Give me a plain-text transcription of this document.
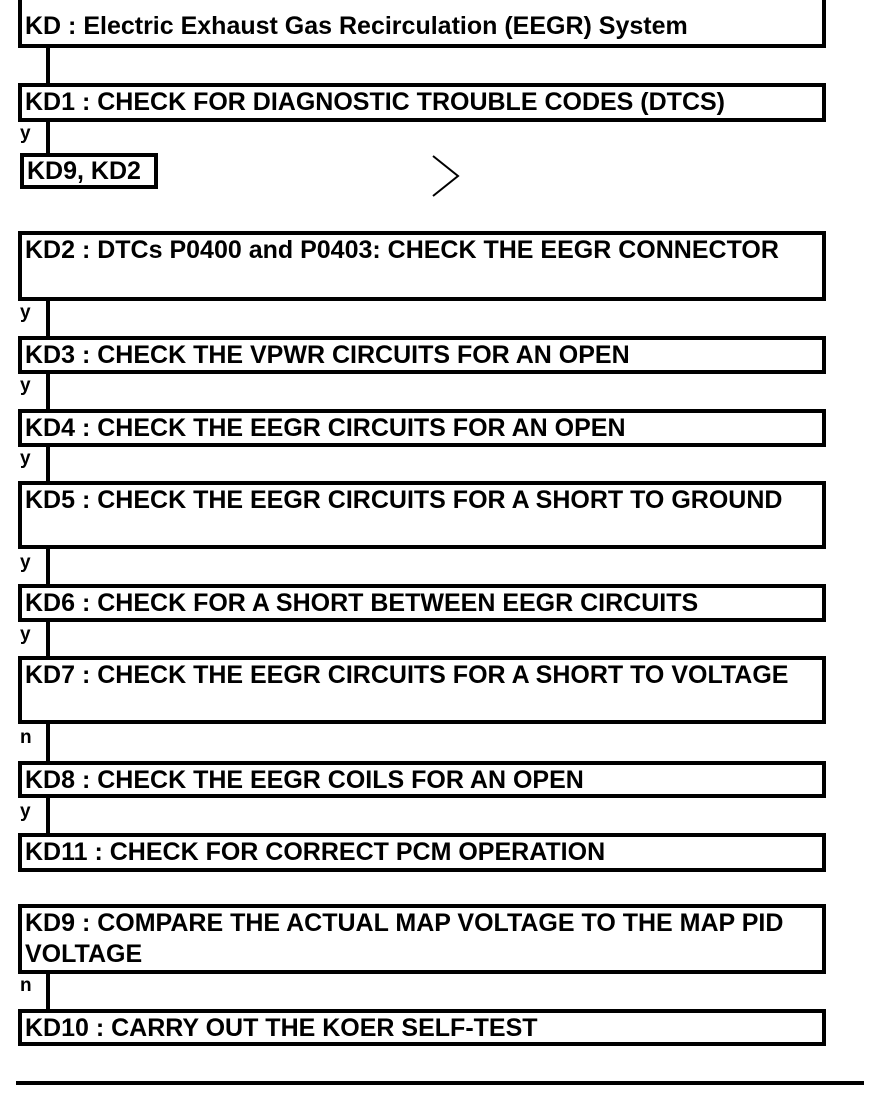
KD : Electric Exhaust Gas Recirculation (EEGR) System
KD1 : CHECK FOR DIAGNOSTIC TROUBLE CODES (DTCS)
y
KD9, KD2
KD2 : DTCs P0400 and P0403: CHECK THE EEGR CONNECTOR
y
KD3 : CHECK THE VPWR CIRCUITS FOR AN OPEN
y
KD4 : CHECK THE EEGR CIRCUITS FOR AN OPEN
y
KD5 : CHECK THE EEGR CIRCUITS FOR A SHORT TO GROUND
y
KD6 : CHECK FOR A SHORT BETWEEN EEGR CIRCUITS
y
KD7 : CHECK THE EEGR CIRCUITS FOR A SHORT TO VOLTAGE
n
KD8 : CHECK THE EEGR COILS FOR AN OPEN
y
KD11 : CHECK FOR CORRECT PCM OPERATION
KD9 : COMPARE THE ACTUAL MAP VOLTAGE TO THE MAP PID VOLTAGE
n
KD10 : CARRY OUT THE KOER SELF-TEST
